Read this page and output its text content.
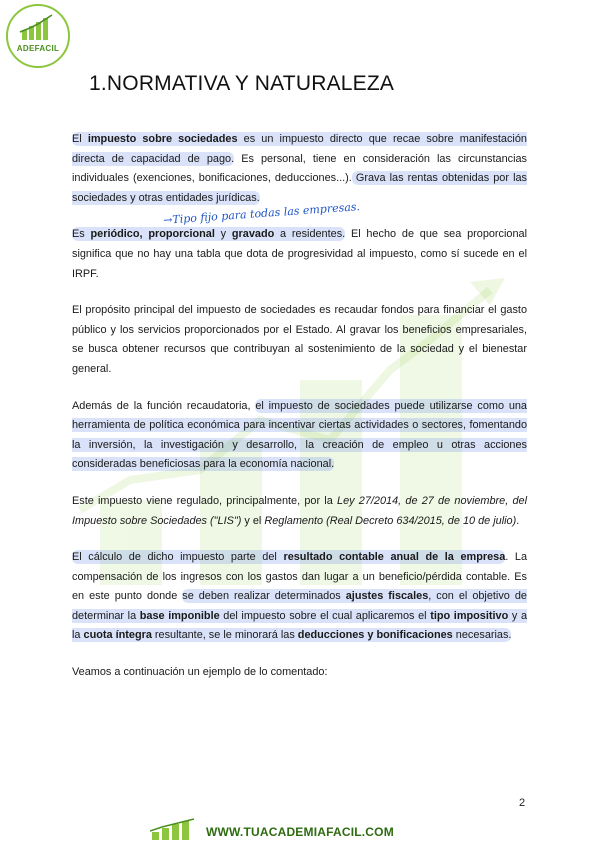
ADEFACIL
1.NORMATIVA Y NATURALEZA
→Tipo fijo para todas las empresas.

El impuesto sobre sociedades es un impuesto directo que recae sobre manifestación directa de capacidad de pago. Es personal, tiene en consideración las circunstancias individuales (exenciones, bonificaciones, deducciones...). Grava las rentas obtenidas por las sociedades y otras entidades jurídicas.

Es periódico, proporcional y gravado a residentes. El hecho de que sea proporcional significa que no hay una tabla que dota de progresividad al impuesto, como sí sucede en el IRPF.

El propósito principal del impuesto de sociedades es recaudar fondos para financiar el gasto público y los servicios proporcionados por el Estado. Al gravar los beneficios empresariales, se busca obtener recursos que contribuyan al sostenimiento de la sociedad y el bienestar general.

Además de la función recaudatoria, el impuesto de sociedades puede utilizarse como una herramienta de política económica para incentivar ciertas actividades o sectores, fomentando la inversión, la investigación y desarrollo, la creación de empleo u otras acciones consideradas beneficiosas para la economía nacional.

Este impuesto viene regulado, principalmente, por la Ley 27/2014, de 27 de noviembre, del Impuesto sobre Sociedades ("LIS") y el Reglamento (Real Decreto 634/2015, de 10 de julio).

El cálculo de dicho impuesto parte del resultado contable anual de la empresa. La compensación de los ingresos con los gastos dan lugar a un beneficio/pérdida contable. Es en este punto donde se deben realizar determinados ajustes fiscales, con el objetivo de determinar la base imponible del impuesto sobre el cual aplicaremos el tipo impositivo y a la cuota íntegra resultante, se le minorará las deducciones y bonificaciones necesarias.

Veamos a continuación un ejemplo de lo comentado:

2
WWW.TUACADEMIAFACIL.COM
